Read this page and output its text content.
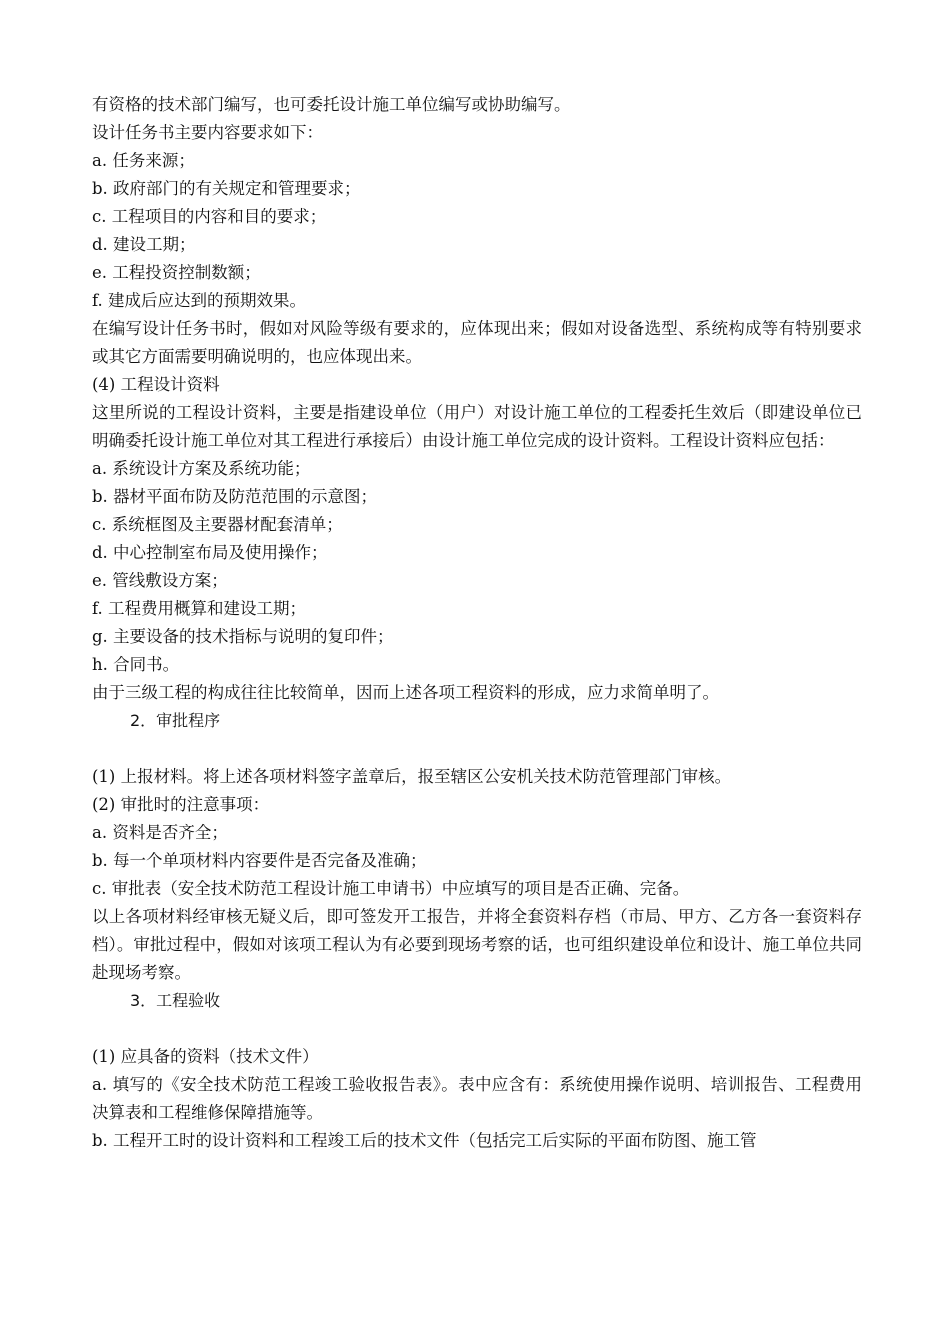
有资格的技术部门编写，也可委托设计施工单位编写或协助编写。

设计任务书主要内容要求如下：

a. 任务来源；

b. 政府部门的有关规定和管理要求；

c. 工程项目的内容和目的要求；

d. 建设工期；

e. 工程投资控制数额；

f. 建成后应达到的预期效果。

在编写设计任务书时，假如对风险等级有要求的，应体现出来；假如对设备选型、系统构成等有特别要求或其它方面需要明确说明的，也应体现出来。

(4) 工程设计资料

这里所说的工程设计资料，主要是指建设单位（用户）对设计施工单位的工程委托生效后（即建设单位已明确委托设计施工单位对其工程进行承接后）由设计施工单位完成的设计资料。工程设计资料应包括：

a. 系统设计方案及系统功能；

b. 器材平面布防及防范范围的示意图；

c. 系统框图及主要器材配套清单；

d. 中心控制室布局及使用操作；

e. 管线敷设方案；

f. 工程费用概算和建设工期；

g. 主要设备的技术指标与说明的复印件；

h. 合同书。

由于三级工程的构成往往比较简单，因而上述各项工程资料的形成，应力求简单明了。

2．审批程序

(1) 上报材料。将上述各项材料签字盖章后，报至辖区公安机关技术防范管理部门审核。

(2) 审批时的注意事项：

a. 资料是否齐全；

b. 每一个单项材料内容要件是否完备及准确；

c. 审批表（安全技术防范工程设计施工申请书）中应填写的项目是否正确、完备。

以上各项材料经审核无疑义后，即可签发开工报告，并将全套资料存档（市局、甲方、乙方各一套资料存档）。审批过程中，假如对该项工程认为有必要到现场考察的话，也可组织建设单位和设计、施工单位共同赴现场考察。

3．工程验收

(1) 应具备的资料（技术文件）

a. 填写的《安全技术防范工程竣工验收报告表》。表中应含有：系统使用操作说明、培训报告、工程费用决算表和工程维修保障措施等。

b. 工程开工时的设计资料和工程竣工后的技术文件（包括完工后实际的平面布防图、施工管
